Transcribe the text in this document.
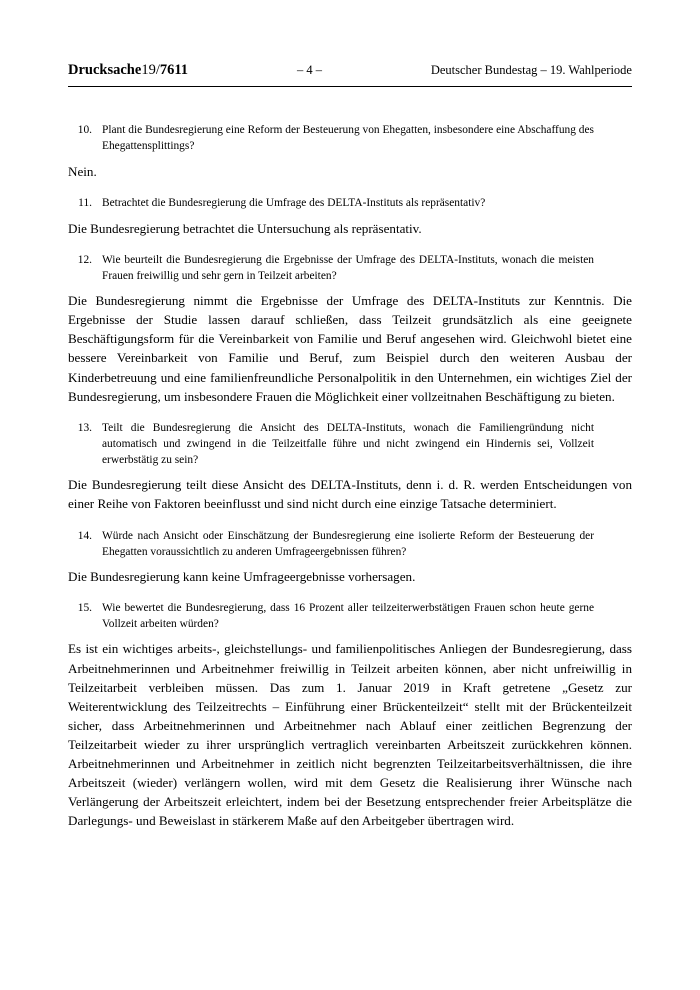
Drucksache19/7611	– 4 –	Deutscher Bundestag – 19. Wahlperiode
10. Plant die Bundesregierung eine Reform der Besteuerung von Ehegatten, insbesondere eine Abschaffung des Ehegattensplittings?
Nein.
11. Betrachtet die Bundesregierung die Umfrage des DELTA-Instituts als repräsentativ?
Die Bundesregierung betrachtet die Untersuchung als repräsentativ.
12. Wie beurteilt die Bundesregierung die Ergebnisse der Umfrage des DELTA-Instituts, wonach die meisten Frauen freiwillig und sehr gern in Teilzeit arbeiten?
Die Bundesregierung nimmt die Ergebnisse der Umfrage des DELTA-Instituts zur Kenntnis. Die Ergebnisse der Studie lassen darauf schließen, dass Teilzeit grundsätzlich als eine geeignete Beschäftigungsform für die Vereinbarkeit von Familie und Beruf angesehen wird. Gleichwohl bietet eine bessere Vereinbarkeit von Familie und Beruf, zum Beispiel durch den weiteren Ausbau der Kinderbetreuung und eine familienfreundliche Personalpolitik in den Unternehmen, ein wichtiges Ziel der Bundesregierung, um insbesondere Frauen die Möglichkeit einer vollzeitnahen Beschäftigung zu bieten.
13. Teilt die Bundesregierung die Ansicht des DELTA-Instituts, wonach die Familiengründung nicht automatisch und zwingend in die Teilzeitfalle führe und nicht zwingend ein Hindernis sei, Vollzeit erwerbstätig zu sein?
Die Bundesregierung teilt diese Ansicht des DELTA-Instituts, denn i. d. R. werden Entscheidungen von einer Reihe von Faktoren beeinflusst und sind nicht durch eine einzige Tatsache determiniert.
14. Würde nach Ansicht oder Einschätzung der Bundesregierung eine isolierte Reform der Besteuerung der Ehegatten voraussichtlich zu anderen Umfrageergebnissen führen?
Die Bundesregierung kann keine Umfrageergebnisse vorhersagen.
15. Wie bewertet die Bundesregierung, dass 16 Prozent aller teilzeiterwerbstätigen Frauen schon heute gerne Vollzeit arbeiten würden?
Es ist ein wichtiges arbeits-, gleichstellungs- und familienpolitisches Anliegen der Bundesregierung, dass Arbeitnehmerinnen und Arbeitnehmer freiwillig in Teilzeit arbeiten können, aber nicht unfreiwillig in Teilzeitarbeit verbleiben müssen. Das zum 1. Januar 2019 in Kraft getretene „Gesetz zur Weiterentwicklung des Teilzeitrechts – Einführung einer Brückenteilzeit“ stellt mit der Brückenteilzeit sicher, dass Arbeitnehmerinnen und Arbeitnehmer nach Ablauf einer zeitlichen Begrenzung der Teilzeitarbeit wieder zu ihrer ursprünglich vertraglich vereinbarten Arbeitszeit zurückkehren können. Arbeitnehmerinnen und Arbeitnehmer in zeitlich nicht begrenzten Teilzeitarbeitsverhältnissen, die ihre Arbeitszeit (wieder) verlängern wollen, wird mit dem Gesetz die Realisierung ihrer Wünsche nach Verlängerung der Arbeitszeit erleichtert, indem bei der Besetzung entsprechender freier Arbeitsplätze die Darlegungs- und Beweislast in stärkerem Maße auf den Arbeitgeber übertragen wird.
